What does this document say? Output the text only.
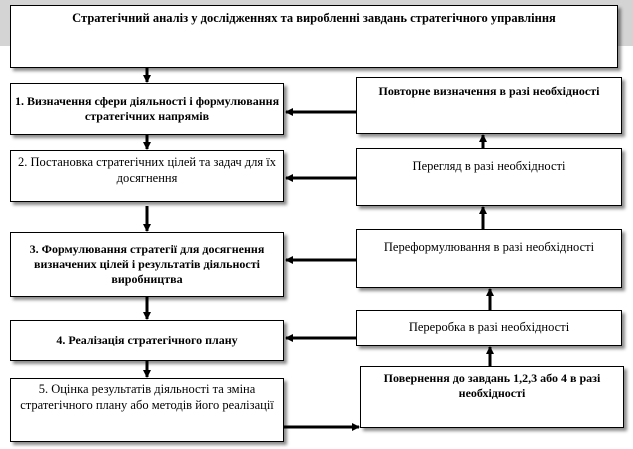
Стратегічний аналіз у дослідженнях та виробленні завдань стратегічного управління
1. Визначення сфери діяльності і формулювання стратегічних напрямів
2. Постановка стратегічних цілей та задач для їх досягнення
3. Формулювання стратегії для досягнення визначених цілей і результатів діяльності виробництва
4. Реалізація стратегічного плану
5. Оцінка результатів діяльності та зміна стратегічного плану або методів його реалізації
Повторне визначення в разі необхідності
Перегляд в разі необхідності
Переформулювання в разі необхідності
Переробка в разі необхідності
Повернення до завдань 1,2,3 або 4 в разі необхідності
